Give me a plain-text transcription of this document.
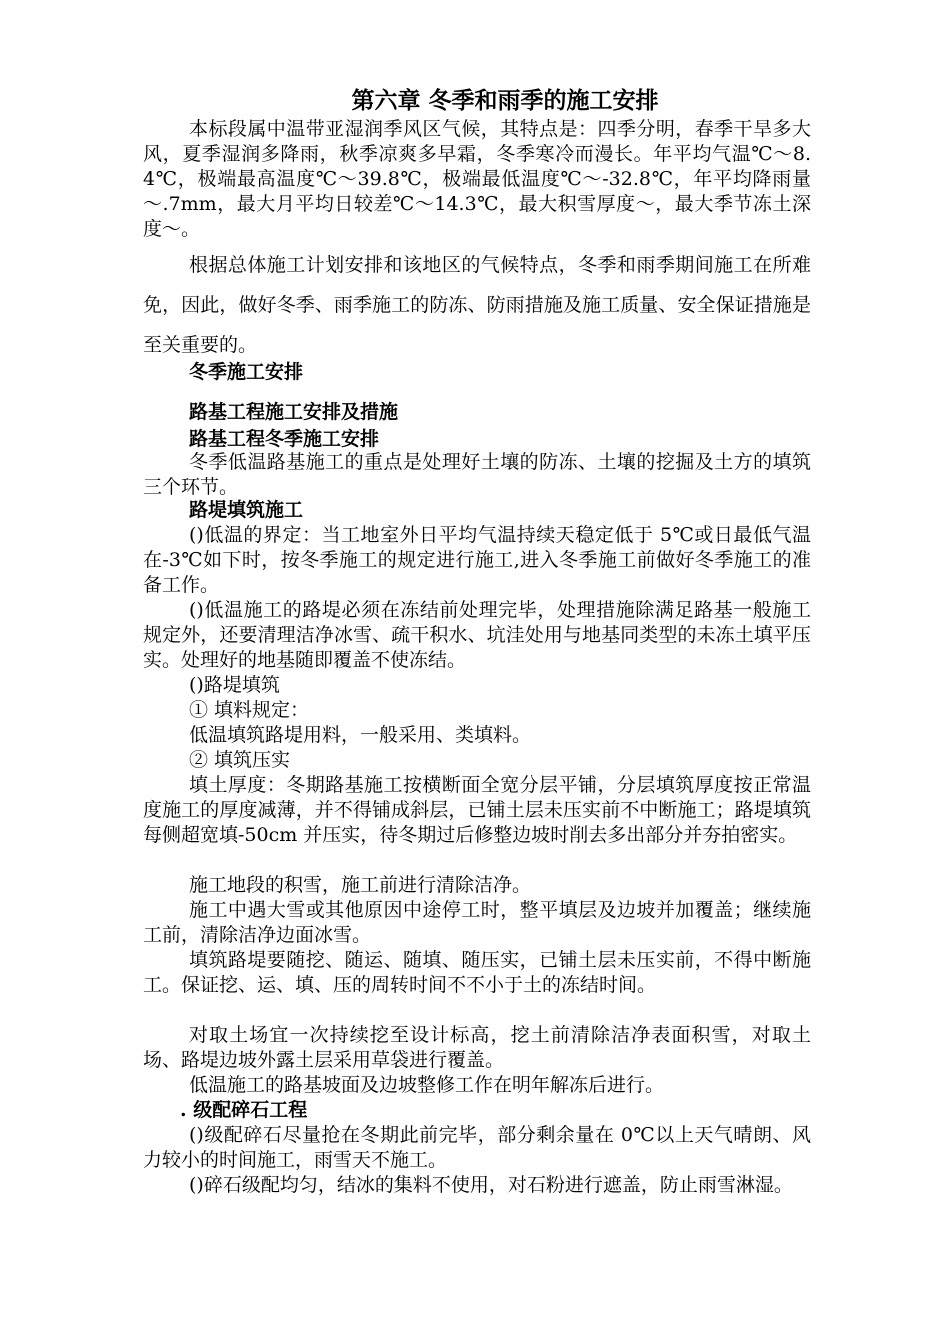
第六章 冬季和雨季的施工安排
本标段属中温带亚湿润季风区气候，其特点是：四季分明，春季干旱多大风，夏季湿润多降雨，秋季凉爽多早霜，冬季寒冷而漫长。年平均气温℃～8.4℃，极端最高温度℃～39.8℃，极端最低温度℃～-32.8℃，年平均降雨量～.7mm，最大月平均日较差℃～14.3℃，最大积雪厚度～，最大季节冻土深度～。
根据总体施工计划安排和该地区的气候特点，冬季和雨季期间施工在所难免，因此，做好冬季、雨季施工的防冻、防雨措施及施工质量、安全保证措施是至关重要的。
冬季施工安排
路基工程施工安排及措施
路基工程冬季施工安排
冬季低温路基施工的重点是处理好土壤的防冻、土壤的挖掘及土方的填筑三个环节。
路堤填筑施工
()低温的界定：当工地室外日平均气温持续天稳定低于 5℃或日最低气温在-3℃如下时，按冬季施工的规定进行施工,进入冬季施工前做好冬季施工的准备工作。
()低温施工的路堤必须在冻结前处理完毕，处理措施除满足路基一般施工规定外，还要清理洁净冰雪、疏干积水、坑洼处用与地基同类型的未冻土填平压实。处理好的地基随即覆盖不使冻结。
()路堤填筑
① 填料规定：
低温填筑路堤用料，一般采用、类填料。
② 填筑压实
填土厚度：冬期路基施工按横断面全宽分层平铺，分层填筑厚度按正常温度施工的厚度减薄，并不得铺成斜层，已铺土层未压实前不中断施工；路堤填筑每侧超宽填-50cm 并压实，待冬期过后修整边坡时削去多出部分并夯拍密实。
施工地段的积雪，施工前进行清除洁净。
施工中遇大雪或其他原因中途停工时，整平填层及边坡并加覆盖；继续施工前，清除洁净边面冰雪。
填筑路堤要随挖、随运、随填、随压实，已铺土层未压实前，不得中断施工。保证挖、运、填、压的周转时间不不小于土的冻结时间。
对取土场宜一次持续挖至设计标高，挖土前清除洁净表面积雪，对取土场、路堤边坡外露土层采用草袋进行覆盖。
低温施工的路基坡面及边坡整修工作在明年解冻后进行。
. 级配碎石工程
()级配碎石尽量抢在冬期此前完毕，部分剩余量在 0℃以上天气晴朗、风力较小的时间施工，雨雪天不施工。
()碎石级配均匀，结冰的集料不使用，对石粉进行遮盖，防止雨雪淋湿。
